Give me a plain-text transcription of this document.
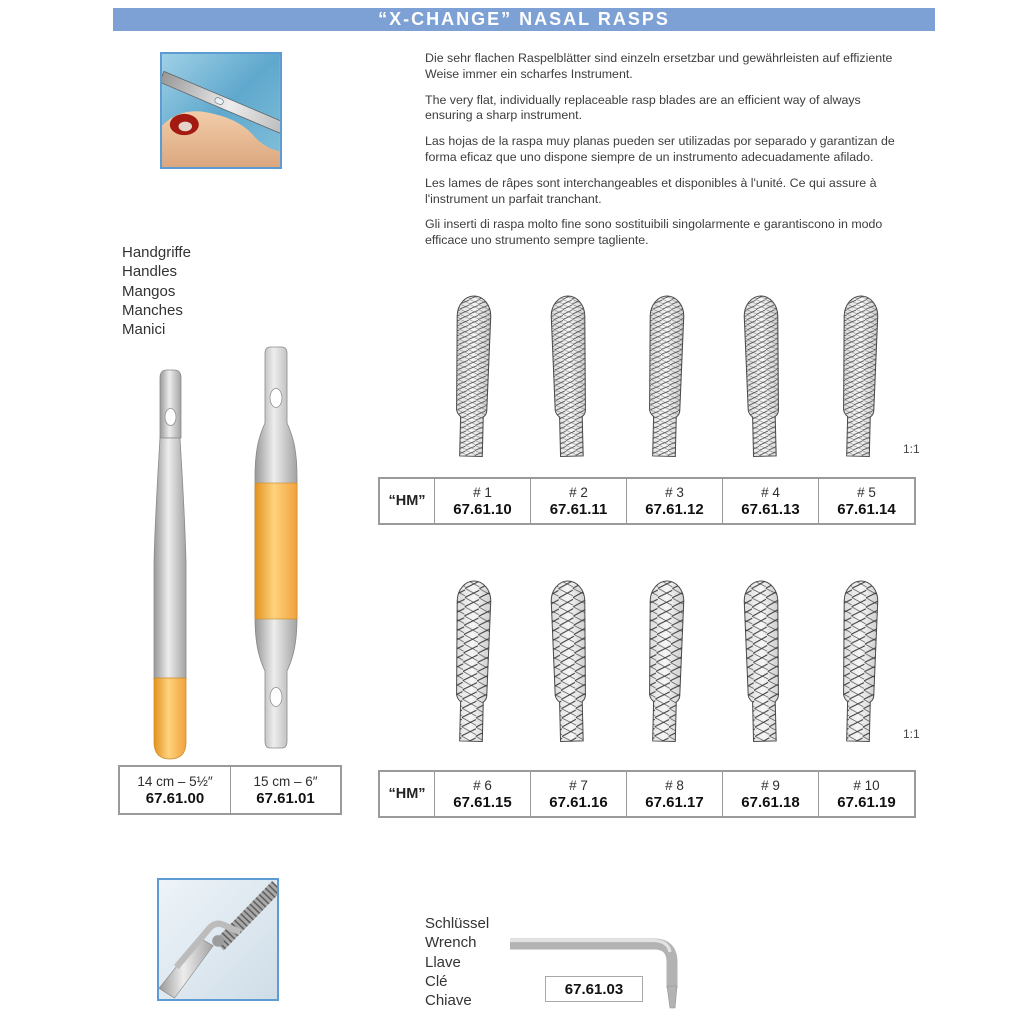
“X-CHANGE” NASAL RASPS

Die sehr flachen Raspelblätter sind einzeln ersetzbar und gewährleisten auf effiziente Weise immer ein scharfes Instrument.

The very flat, individually replaceable rasp blades are an efficient way of always ensuring a sharp instrument.

Las hojas de la raspa muy planas pueden ser utilizadas por separado y garantizan de forma eficaz que uno dispone siempre de un instrumento adecuadamente afilado.

Les lames de râpes sont interchangeables et disponibles à l'unité. Ce qui assure à l'instrument un parfait tranchant.

Gli inserti di raspa molto fine sono sostituibili singolarmente e garantiscono in modo efficace uno strumento sempre tagliente.

Handgriffe
Handles
Mangos
Manches
Manici
14 cm – 5½″
67.61.00
15 cm – 6″
67.61.01
1:1
“HM”
# 1
67.61.10
# 2
67.61.11
# 3
67.61.12
# 4
67.61.13
# 5
67.61.14
1:1
“HM”
# 6
67.61.15
# 7
67.61.16
# 8
67.61.17
# 9
67.61.18
# 10
67.61.19
Schlüssel
Wrench
Llave
Clé
Chiave
67.61.03
